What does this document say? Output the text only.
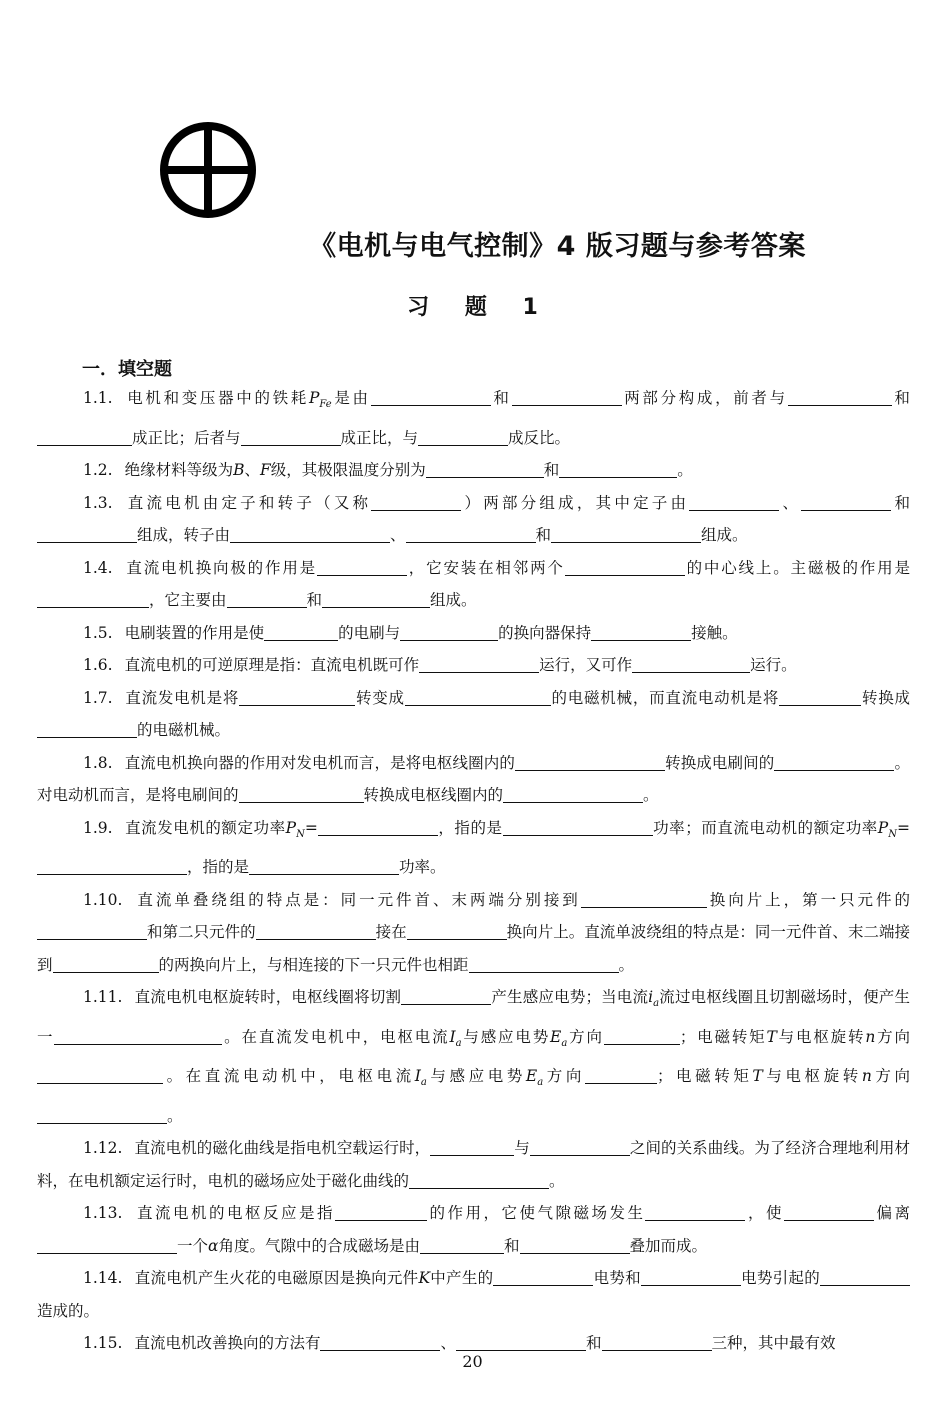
《电机与电气控制》4 版习题与参考答案
习 题 1
一．填空题

1.1. 电机和变压器中的铁耗$P_{Fe}$是由	和	两部分构成，前者与	和成正比；后者与	成正比，与	成反比。

1.2. 绝缘材料等级为B、F级，其极限温度分别为	和	。

1.3. 直流电机由定子和转子（又称	）两部分组成，其中定子由	、	和组成，转子由	、	和	组成。

1.4. 直流电机换向极的作用是	，它安装在相邻两个	的中心线上。主磁极的作用是，它主要由	和	组成。

1.5. 电刷装置的作用是使	的电刷与	的换向器保持	接触。

1.6. 直流电机的可逆原理是指：直流电机既可作	运行，又可作	运行。

1.7. 直流发电机是将	转变成	的电磁机械，而直流电动机是将	转换成的电磁机械。

1.8. 直流电机换向器的作用对发电机而言，是将电枢线圈内的	转换成电刷间的	。对电动机而言，是将电刷间的	转换成电枢线圈内的	。

1.9. 直流发电机的额定功率$P_N=$	，指的是	功率；而直流电动机的额定功率$P_N=$，指的是	功率。

1.10. 直流单叠绕组的特点是：同一元件首、末两端分别接到	换向片上，第一只元件的和第二只元件的	接在	换向片上。直流单波绕组的特点是：同一元件首、末二端接到	的两换向片上，与相连接的下一只元件也相距	。

1.11. 直流电机电枢旋转时，电枢线圈将切割	产生感应电势；当电流$i_a$流过电枢线圈且切割磁场时，便产生一	。在直流发电机中，电枢电流$I_a$与感应电势$E_a$方向	；电磁转矩T与电枢旋转n方向。在直流电动机中，电枢电流$I_a$与感应电势$E_a$方向	；电磁转矩T与电枢旋转n方向。

1.12. 直流电机的磁化曲线是指电机空载运行时，	与	之间的关系曲线。为了经济合理地利用材料，在电机额定运行时，电机的磁场应处于磁化曲线的	。

1.13. 直流电机的电枢反应是指	的作用，它使气隙磁场发生	，使	偏离一个α角度。气隙中的合成磁场是由	和	叠加而成。

1.14. 直流电机产生火花的电磁原因是换向元件K中产生的	电势和	电势引起的造成的。

1.15. 直流电机改善换向的方法有	、	和	三种，其中最有效

20
